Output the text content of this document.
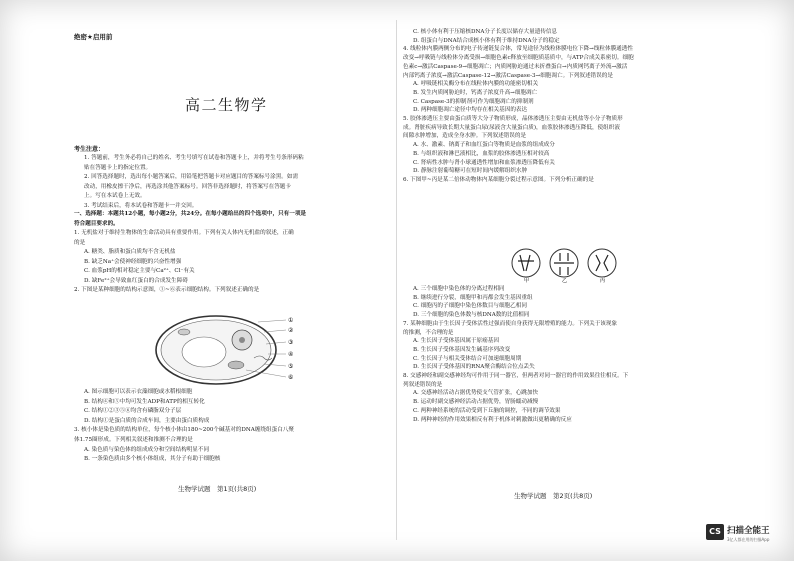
绝密★启用前
高二生物学
考生注意：
1. 答题前，考生务必将自己的姓名、考生号填写在试卷和答题卡上，并将考生号条形码粘
贴在答题卡上的指定位置。
2. 回答选择题时，选出每小题答案后，用铅笔把答题卡对应题目的答案标号涂黑。如需
改动，用橡皮擦干净后，再选涂其他答案标号。回答非选择题时，将答案写在答题卡
上。写在本试卷上无效。
3. 考试结束后，将本试卷和答题卡一并交回。
一、选择题：本题共12小题，每小题2分，共24分。在每小题给出的四个选项中，只有一项是
符合题目要求的。
1. 无机盐对于维持生物体的生命活动具有重要作用。下列有关人体内无机盐的叙述，正确
的是
A. 糖类、脂质和蛋白质均不含无机盐
B. 缺乏Na⁺会使神经细胞的兴奋性增强
C. 血浆pH的相对稳定主要与Ca²⁺、Cl⁻有关
D. 缺Fe²⁺会导致血红蛋白的合成发生障碍
2. 下图是某种细胞的结构示意图，①~⑥表示细胞结构。下列叙述正确的是
①
②
③
④
⑤
⑥
A. 图示细胞可以表示衣藻细胞或水稻根细胞
B. 结构④和⑤中均可发生ADP和ATP的相互转化
C. 结构①②③⑤⑥均含有磷脂双分子层
D. 结构①是蛋白质的合成车间，主要由蛋白质构成
3. 核小体是染色质的结构单位，每个核小体由180~200个碱基对的DNA缠绕组蛋白八聚
体1.75圈形成。下列相关叙述和推测不合理的是
A. 染色质与染色体的组成成分和空间结构明显不同
B. 一条染色质由多个核小体组成，其分子有助于细胞核
生物学试题　第1页(共8页)
C. 核小体有利于压缩核DNA分子长度以储存大量遗传信息
D. 组蛋白与DNA结合成核小体有利于维持DNA分子的稳定
4. 线粒体内膜两侧分布的电子传递链复合体，常见途径为线粒体膜电位下降→线粒体膜通透性
改变→呼吸链与线粒体分离受损→细胞色素c释放至细胞质基质中，与ATP合成关系密切。细胞
色素c→激活Caspase-9→细胞凋亡；内质网胁迫通过未折叠蛋白→内质网钙离子外流→激活
内部钙离子浓度→激活Caspase-12→激活Caspase-3→细胞凋亡。下列叙述错误的是
A. 呼吸链相关酶分布在线粒体内膜的功能密切相关
B. 发生内质网胁迫时，钙离子浓度升高→细胞凋亡
C. Caspase-3的抑制剂可作为细胞凋亡的抑制剂
D. 两种细胞凋亡途径中均存在相关基因的表达
5. 胶体渗透压主要由蛋白质等大分子物质形成，晶体渗透压主要由无机盐等小分子物质形
成。肾脏疾病导致长期大量蛋白尿(尿液含大量蛋白质)，血浆胶体渗透压降低，使组织液
间隙水肿增加，造成全身水肿。下列叙述错误的是
A. 水、激素、钠离子和血红蛋白等物质是血浆的组成成分
B. 与组织液和淋巴液相比，血浆的胶体渗透压相对较高
C. 肾病性水肿与肾小球通透性增加和血浆渗透压降低有关
D. 静脉注射葡萄糖可在短时间内缓解组织水肿
6. 下图甲~丙是某二倍体动物体内某细胞分裂过程示意图。下列分析正确的是
甲	乙	丙
A. 三个细胞中染色体的分离过程相同
B. 继续进行分裂，细胞甲和丙都会发生基因重组
C. 细胞丙的子细胞中染色体数目与细胞乙相同
D. 三个细胞的染色体数与核DNA数的比值相同
7. 某种细胞由于生长因子受体活性过强而使自身获得无限增殖的能力。下列关于该现象
的推测，不合理的是
A. 生长因子受体基因属于原癌基因
B. 生长因子受体基因发生碱基序列改变
C. 生长因子与相关受体结合可加速细胞周期
D. 生长因子受体基因的RNA聚合酶结合位点丢失
8. 交感神经和副交感神经均可作用于同一器官，但两者对同一器官的作用效果往往相反。下
列叙述错误的是
A. 交感神经活动占据优势使支气管扩张，心跳加快
B. 运动时副交感神经活动占据优势，胃肠蠕动减慢
C. 两种神经系统的活动受到下丘脑的调控，不同的调节效果
D. 两种神经的作用效果相反有利于机体对刺激做出更精确的反应
生物学试题　第2页(共8页)
CS 扫描全能王
3亿人都在用的扫描App
